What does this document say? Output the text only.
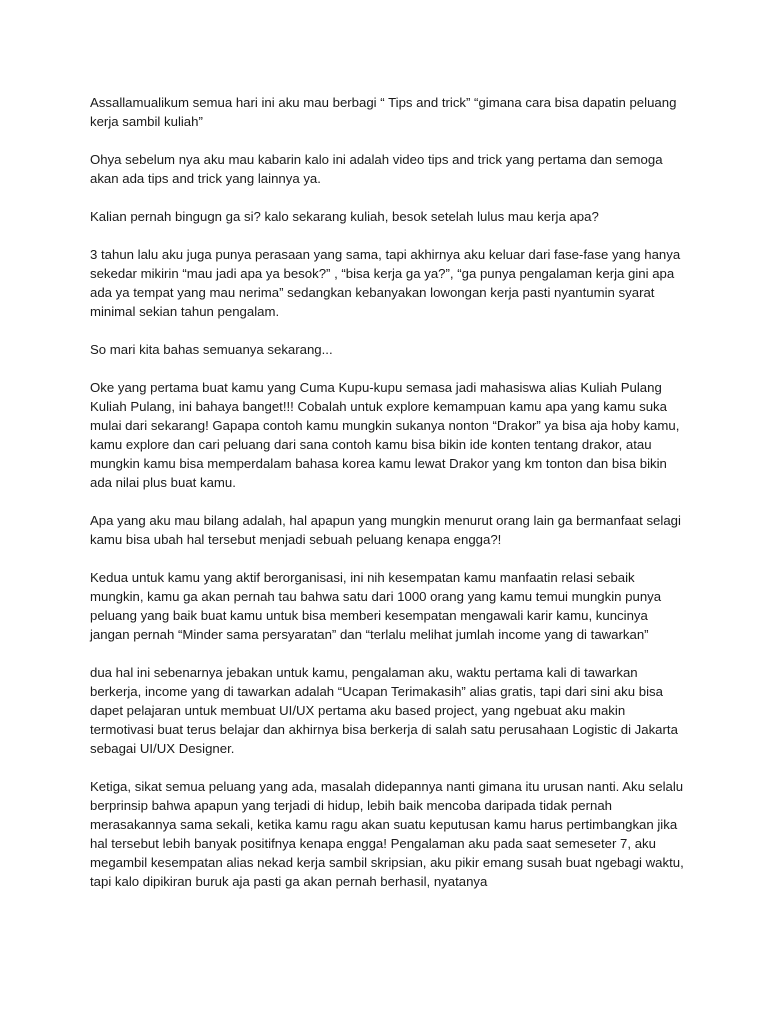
Assallamualikum semua hari ini aku mau berbagi “ Tips and trick” “gimana cara bisa dapatin peluang kerja sambil kuliah”

Ohya sebelum nya aku mau kabarin kalo ini adalah video tips and trick yang pertama dan semoga akan ada tips and trick yang lainnya ya.

Kalian pernah bingugn ga si? kalo sekarang kuliah, besok setelah lulus mau kerja apa?

3 tahun lalu aku juga punya perasaan yang sama, tapi akhirnya aku keluar dari fase-fase yang hanya sekedar mikirin “mau jadi apa ya besok?” , “bisa kerja ga ya?”, “ga punya pengalaman kerja gini apa ada ya tempat yang mau nerima” sedangkan kebanyakan lowongan kerja pasti nyantumin syarat minimal sekian tahun pengalam.

So mari kita bahas semuanya sekarang...

Oke yang pertama buat kamu yang Cuma Kupu-kupu semasa jadi mahasiswa alias Kuliah Pulang Kuliah Pulang, ini bahaya banget!!! Cobalah untuk explore kemampuan kamu apa yang kamu suka mulai dari sekarang! Gapapa contoh kamu mungkin sukanya nonton “Drakor” ya bisa aja hoby kamu, kamu explore dan cari peluang dari sana contoh kamu bisa bikin ide konten tentang drakor, atau mungkin kamu bisa memperdalam bahasa korea kamu lewat Drakor yang km tonton dan bisa bikin ada nilai plus buat kamu.

Apa yang aku mau bilang adalah, hal apapun yang mungkin menurut orang lain ga bermanfaat selagi kamu bisa ubah hal tersebut menjadi sebuah peluang kenapa engga?!

Kedua untuk kamu yang aktif berorganisasi, ini nih kesempatan kamu manfaatin relasi sebaik mungkin, kamu ga akan pernah tau bahwa satu dari 1000 orang yang kamu temui mungkin punya peluang yang baik buat kamu untuk bisa memberi kesempatan mengawali karir kamu, kuncinya jangan pernah “Minder sama persyaratan” dan “terlalu melihat jumlah income yang di tawarkan”

dua hal ini sebenarnya jebakan untuk kamu, pengalaman aku, waktu pertama kali di tawarkan berkerja, income yang di tawarkan adalah “Ucapan Terimakasih” alias gratis, tapi dari sini aku bisa dapet pelajaran untuk membuat UI/UX pertama aku based project, yang ngebuat aku makin termotivasi buat terus belajar dan akhirnya bisa berkerja di salah satu perusahaan Logistic di Jakarta sebagai UI/UX Designer.

Ketiga, sikat semua peluang yang ada, masalah didepannya nanti gimana itu urusan nanti. Aku selalu berprinsip bahwa apapun yang terjadi di hidup, lebih baik mencoba daripada tidak pernah merasakannya sama sekali, ketika kamu ragu akan suatu keputusan kamu harus pertimbangkan jika hal tersebut lebih banyak positifnya kenapa engga! Pengalaman aku pada saat semeseter 7, aku megambil kesempatan alias nekad kerja sambil skripsian, aku pikir emang susah buat ngebagi waktu, tapi kalo dipikiran buruk aja pasti ga akan pernah berhasil, nyatanya
